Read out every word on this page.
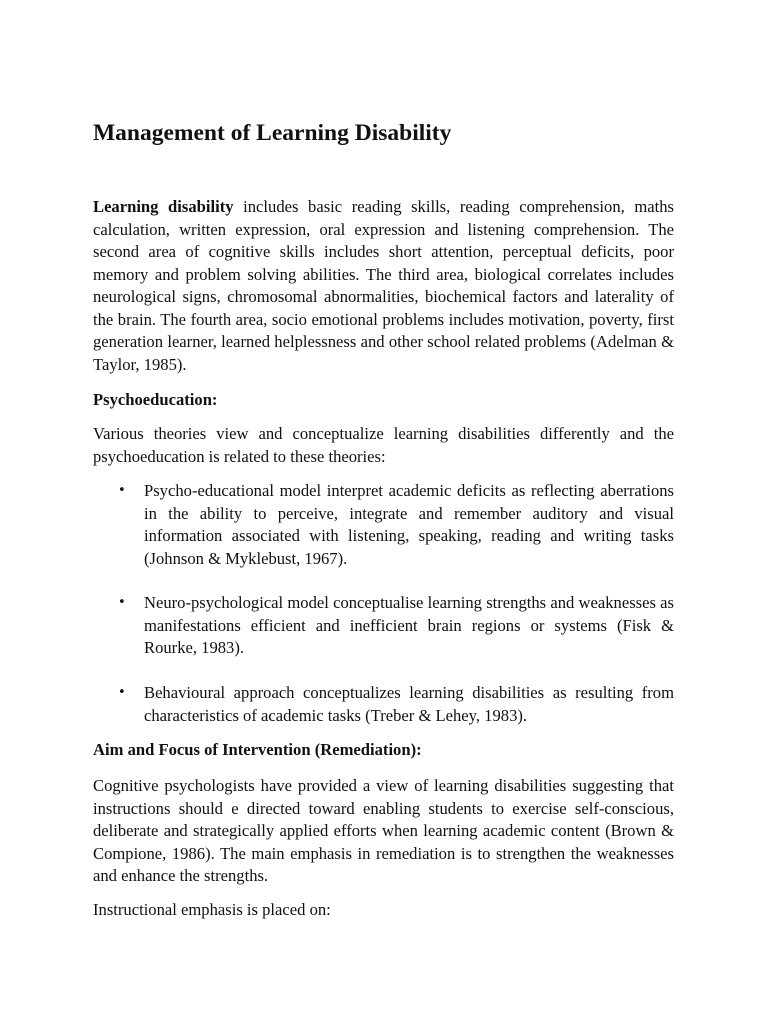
Management of Learning Disability

Learning disability includes basic reading skills, reading comprehension, maths calculation, written expression, oral expression and listening comprehension. The second area of cognitive skills includes short attention, perceptual deficits, poor memory and problem solving abilities. The third area, biological correlates includes neurological signs, chromosomal abnormalities, biochemical factors and laterality of the brain. The fourth area, socio emotional problems includes motivation, poverty, first generation learner, learned helplessness and other school related problems (Adelman & Taylor, 1985).

Psychoeducation:

Various theories view and conceptualize learning disabilities differently and the psychoeducation is related to these theories:

• Psycho-educational model interpret academic deficits as reflecting aberrations in the ability to perceive, integrate and remember auditory and visual information associated with listening, speaking, reading and writing tasks (Johnson & Myklebust, 1967).
• Neuro-psychological model conceptualise learning strengths and weaknesses as manifestations efficient and inefficient brain regions or systems (Fisk & Rourke, 1983).
• Behavioural approach conceptualizes learning disabilities as resulting from characteristics of academic tasks (Treber & Lehey, 1983).

Aim and Focus of Intervention (Remediation):

Cognitive psychologists have provided a view of learning disabilities suggesting that instructions should e directed toward enabling students to exercise self-conscious, deliberate and strategically applied efforts when learning academic content (Brown & Compione, 1986). The main emphasis in remediation is to strengthen the weaknesses and enhance the strengths.

Instructional emphasis is placed on:
